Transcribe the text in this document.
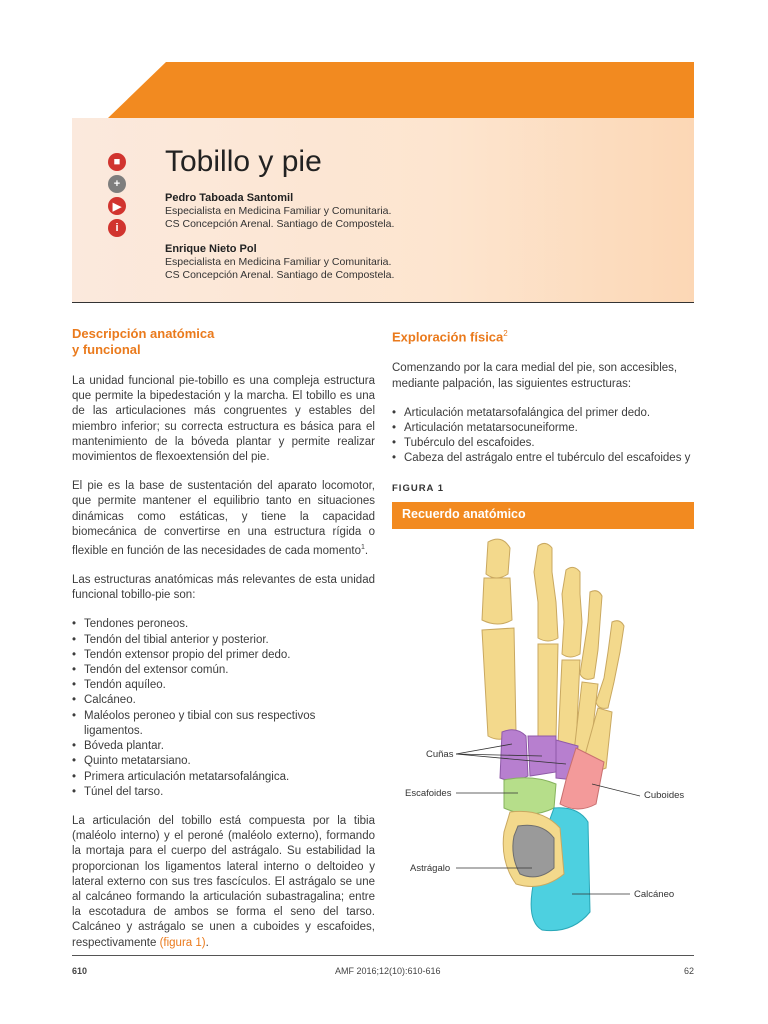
■
+
▶
i
Tobillo y pie
Pedro Taboada Santomil
Especialista en Medicina Familiar y Comunitaria.
CS Concepción Arenal. Santiago de Compostela.
Enrique Nieto Pol
Especialista en Medicina Familiar y Comunitaria.
CS Concepción Arenal. Santiago de Compostela.
Descripción anatómica
y funcional

La unidad funcional pie-tobillo es una compleja estructura que permite la bipedestación y la marcha. El tobillo es una de las articulaciones más congruentes y estables del miembro inferior; su correcta estructura es básica para el mantenimiento de la bóveda plantar y permite realizar movimientos de flexoextensión del pie.

El pie es la base de sustentación del aparato locomotor, que permite mantener el equilibrio tanto en situaciones dinámicas como estáticas, y tiene la capacidad biomecánica de convertirse en una estructura rígida o flexible en función de las necesidades de cada momento$^1$.

Las estructuras anatómicas más relevantes de esta unidad funcional tobillo-pie son:

• Tendones peroneos.
• Tendón del tibial anterior y posterior.
• Tendón extensor propio del primer dedo.
• Tendón del extensor común.
• Tendón aquíleo.
• Calcáneo.
• Maléolos peroneo y tibial con sus respectivos ligamentos.
• Bóveda plantar.
• Quinto metatarsiano.
• Primera articulación metatarsofalángica.
• Túnel del tarso.

La articulación del tobillo está compuesta por la tibia (maléolo interno) y el peroné (maléolo externo), formando la mortaja para el cuerpo del astrágalo. Su estabilidad la proporcionan los ligamentos lateral interno o deltoideo y lateral externo con sus tres fascículos. El astrágalo se une al calcáneo formando la articulación subastragalina; entre la escotadura de ambos se forma el seno del tarso. Calcáneo y astrágalo se unen a cuboides y escafoides, respectivamente (figura 1).

Exploración física$^2$

Comenzando por la cara medial del pie, son accesibles, mediante palpación, las siguientes estructuras:

• Articulación metatarsofalángica del primer dedo.
• Articulación metatarsocuneiforme.
• Tubérculo del escafoides.
• Cabeza del astrágalo entre el tubérculo del escafoides y
FIGURA 1
Recuerdo anatómico
Cuñas
Escafoides	Cuboides
Astrágalo
Calcáneo
610	AMF 2016;12(10):610-616	62
